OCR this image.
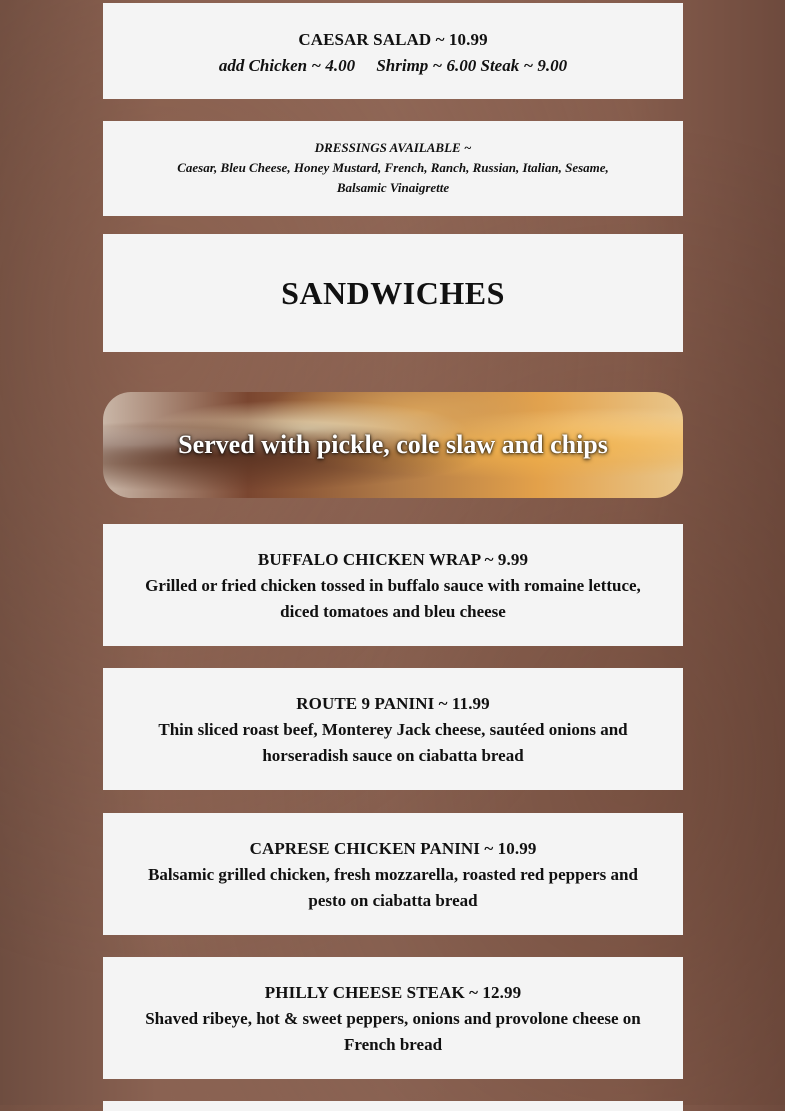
CAESAR SALAD ~ 10.99
add Chicken ~ 4.00     Shrimp ~ 6.00 Steak ~ 9.00
DRESSINGS AVAILABLE ~
Caesar, Bleu Cheese, Honey Mustard, French, Ranch, Russian, Italian, Sesame, Balsamic Vinaigrette
SANDWICHES
Served with pickle, cole slaw and chips
BUFFALO CHICKEN WRAP ~ 9.99
Grilled or fried chicken tossed in buffalo sauce with romaine lettuce, diced tomatoes and bleu cheese
ROUTE 9 PANINI ~ 11.99
Thin sliced roast beef, Monterey Jack cheese, sautéed onions and horseradish sauce on ciabatta bread
CAPRESE CHICKEN PANINI ~ 10.99
Balsamic grilled chicken, fresh mozzarella, roasted red peppers and pesto on ciabatta bread
PHILLY CHEESE STEAK ~ 12.99
Shaved ribeye, hot & sweet peppers, onions and provolone cheese on French bread
